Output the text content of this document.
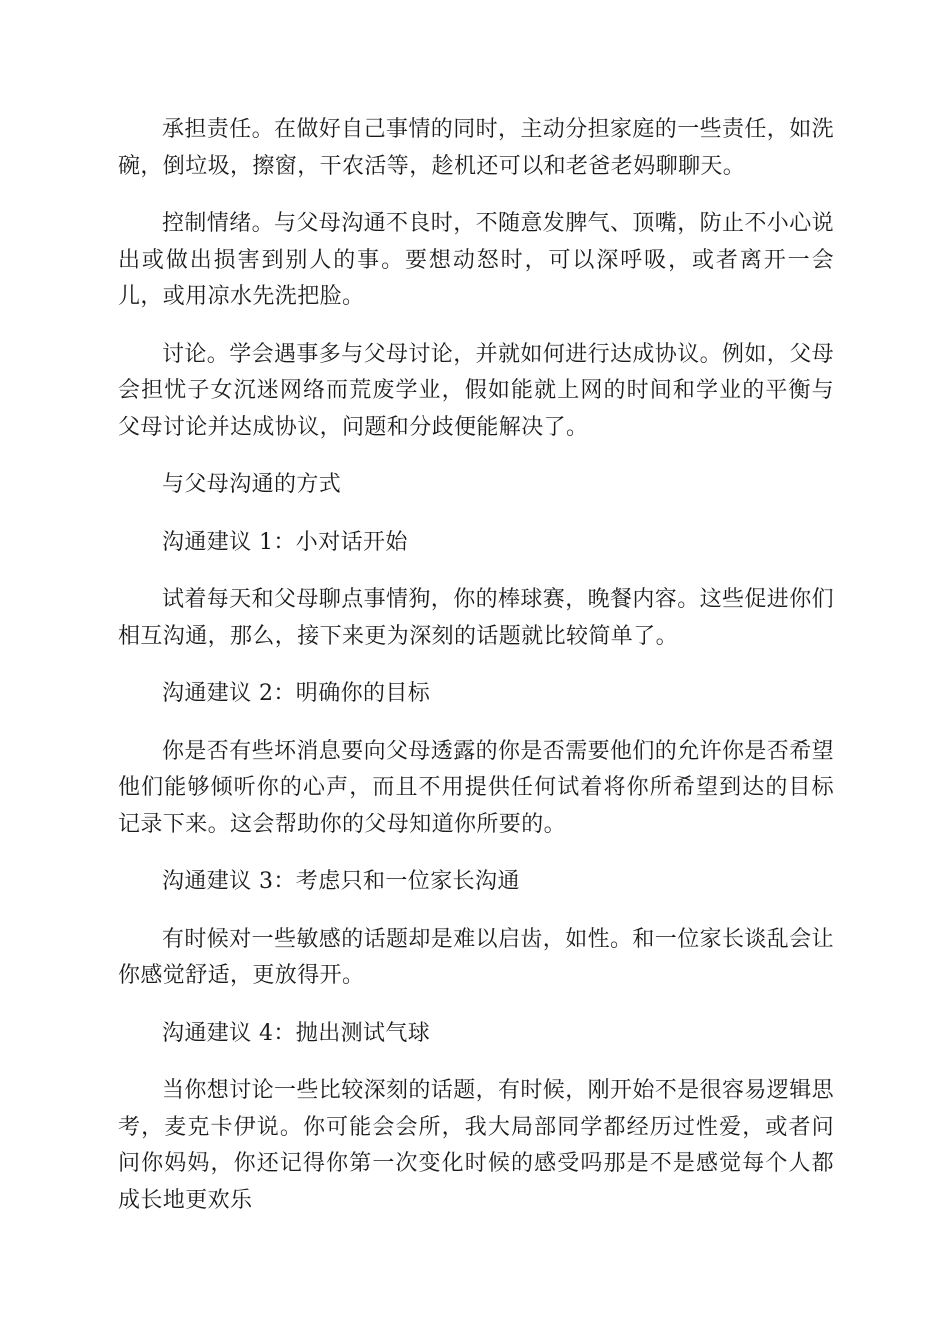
承担责任。在做好自己事情的同时，主动分担家庭的一些责任，如洗碗，倒垃圾，擦窗，干农活等，趁机还可以和老爸老妈聊聊天。

控制情绪。与父母沟通不良时，不随意发脾气、顶嘴，防止不小心说出或做出损害到别人的事。要想动怒时，可以深呼吸，或者离开一会儿，或用凉水先洗把脸。

讨论。学会遇事多与父母讨论，并就如何进行达成协议。例如，父母会担忧子女沉迷网络而荒废学业，假如能就上网的时间和学业的平衡与父母讨论并达成协议，问题和分歧便能解决了。

与父母沟通的方式

沟通建议 1：小对话开始

试着每天和父母聊点事情狗，你的棒球赛，晚餐内容。这些促进你们相互沟通，那么，接下来更为深刻的话题就比较简单了。

沟通建议 2：明确你的目标

你是否有些坏消息要向父母透露的你是否需要他们的允许你是否希望他们能够倾听你的心声，而且不用提供任何试着将你所希望到达的目标记录下来。这会帮助你的父母知道你所要的。

沟通建议 3：考虑只和一位家长沟通

有时候对一些敏感的话题却是难以启齿，如性。和一位家长谈乱会让你感觉舒适，更放得开。

沟通建议 4：抛出测试气球

当你想讨论一些比较深刻的话题，有时候，刚开始不是很容易逻辑思考，麦克卡伊说。你可能会会所，我大局部同学都经历过性爱，或者问问你妈妈，你还记得你第一次变化时候的感受吗那是不是感觉每个人都成长地更欢乐
